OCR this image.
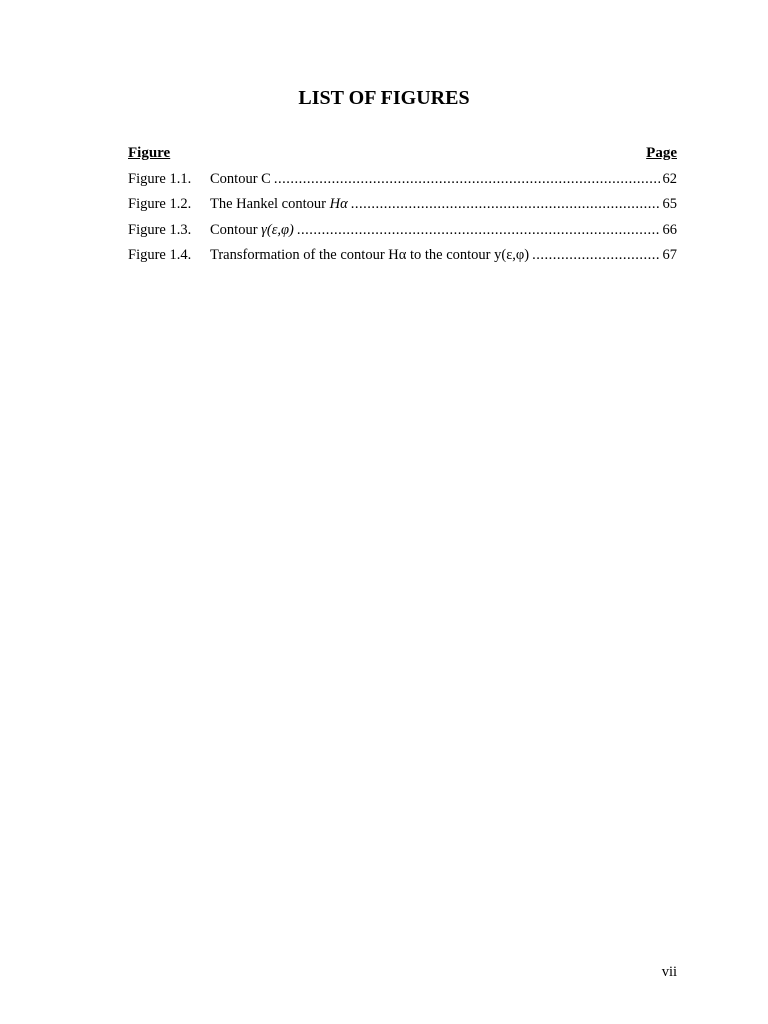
LIST OF FIGURES
Figure	Page
Figure 1.1.	Contour C .....	62
Figure 1.2.	The Hankel contour Hα .....	65
Figure 1.3.	Contour γ(ε,φ) .....	66
Figure 1.4.	Transformation of the contour Hα to the contour y(ε,φ) .....	67
vii
